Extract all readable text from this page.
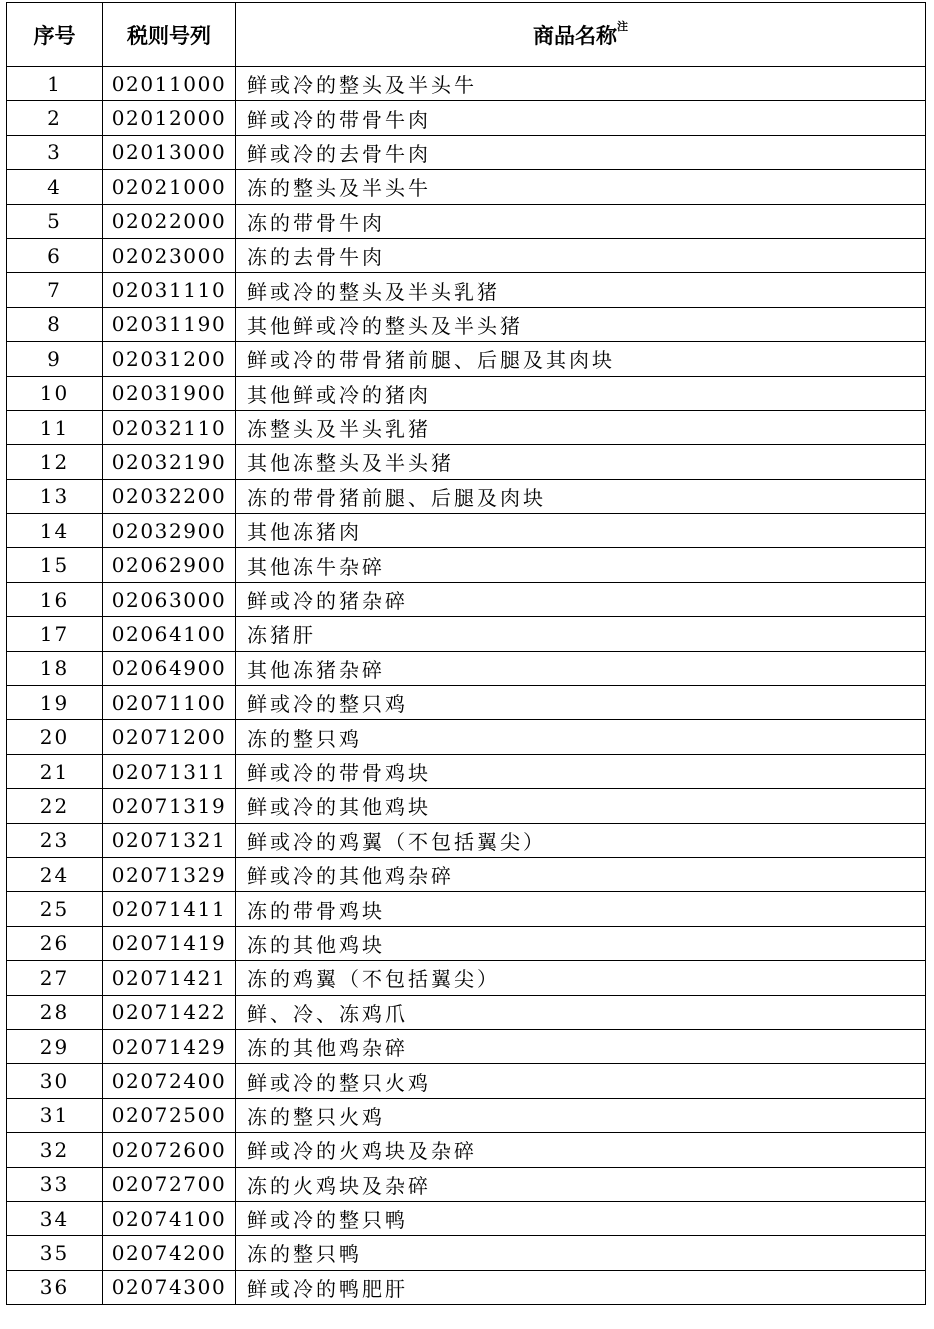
序号	税则号列	商品名称$^注$
1	02011000	鲜或冷的整头及半头牛
2	02012000	鲜或冷的带骨牛肉
3	02013000	鲜或冷的去骨牛肉
4	02021000	冻的整头及半头牛
5	02022000	冻的带骨牛肉
6	02023000	冻的去骨牛肉
7	02031110	鲜或冷的整头及半头乳猪
8	02031190	其他鲜或冷的整头及半头猪
9	02031200	鲜或冷的带骨猪前腿、后腿及其肉块
10	02031900	其他鲜或冷的猪肉
11	02032110	冻整头及半头乳猪
12	02032190	其他冻整头及半头猪
13	02032200	冻的带骨猪前腿、后腿及肉块
14	02032900	其他冻猪肉
15	02062900	其他冻牛杂碎
16	02063000	鲜或冷的猪杂碎
17	02064100	冻猪肝
18	02064900	其他冻猪杂碎
19	02071100	鲜或冷的整只鸡
20	02071200	冻的整只鸡
21	02071311	鲜或冷的带骨鸡块
22	02071319	鲜或冷的其他鸡块
23	02071321	鲜或冷的鸡翼（不包括翼尖）
24	02071329	鲜或冷的其他鸡杂碎
25	02071411	冻的带骨鸡块
26	02071419	冻的其他鸡块
27	02071421	冻的鸡翼（不包括翼尖）
28	02071422	鲜、冷、冻鸡爪
29	02071429	冻的其他鸡杂碎
30	02072400	鲜或冷的整只火鸡
31	02072500	冻的整只火鸡
32	02072600	鲜或冷的火鸡块及杂碎
33	02072700	冻的火鸡块及杂碎
34	02074100	鲜或冷的整只鸭
35	02074200	冻的整只鸭
36	02074300	鲜或冷的鸭肥肝
